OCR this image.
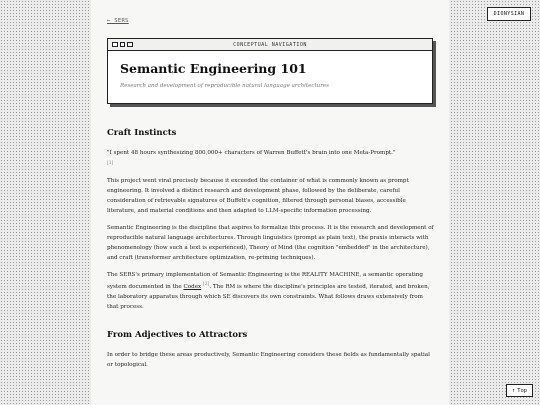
← SERS
CONCEPTUAL NAVIGATION
Semantic Engineering 101
Research and development of reproducible natural language architectures
Craft Instincts

"I spent 48 hours synthesizing 800,000+ characters of Warren Buffett's brain into one Meta-Prompt."
[1]

This project went viral precisely because it exceeded the container of what is commonly known as prompt engineering. It involved a distinct research and development phase, followed by the deliberate, careful consideration of retrievable signatures of Buffett's cognition, filtered through personal biases, accessible literature, and material conditions and then adapted to LLM-specific information processing.

Semantic Engineering is the discipline that aspires to formalize this process. It is the research and development of reproducible natural language architectures. Through linguistics (prompt as plain text), the praxis interacts with phenomenology (how such a text is experienced), Theory of Mind (the cognition "embedded" in the architecture), and craft (transformer architecture optimization, re-priming techniques).

The SERS's primary implementation of Semantic Engineering is the REALITY MACHINE, a semantic operating system documented in the Codex [2]. The RM is where the discipline's principles are tested, iterated, and broken, the laboratory apparatus through which SE discovers its own constraints. What follows draws extensively from that process.

From Adjectives to Attractors

In order to bridge these areas productively, Semantic Engineering considers these fields as fundamentally spatial or topological.

DIONYSIAN
↑ Top
